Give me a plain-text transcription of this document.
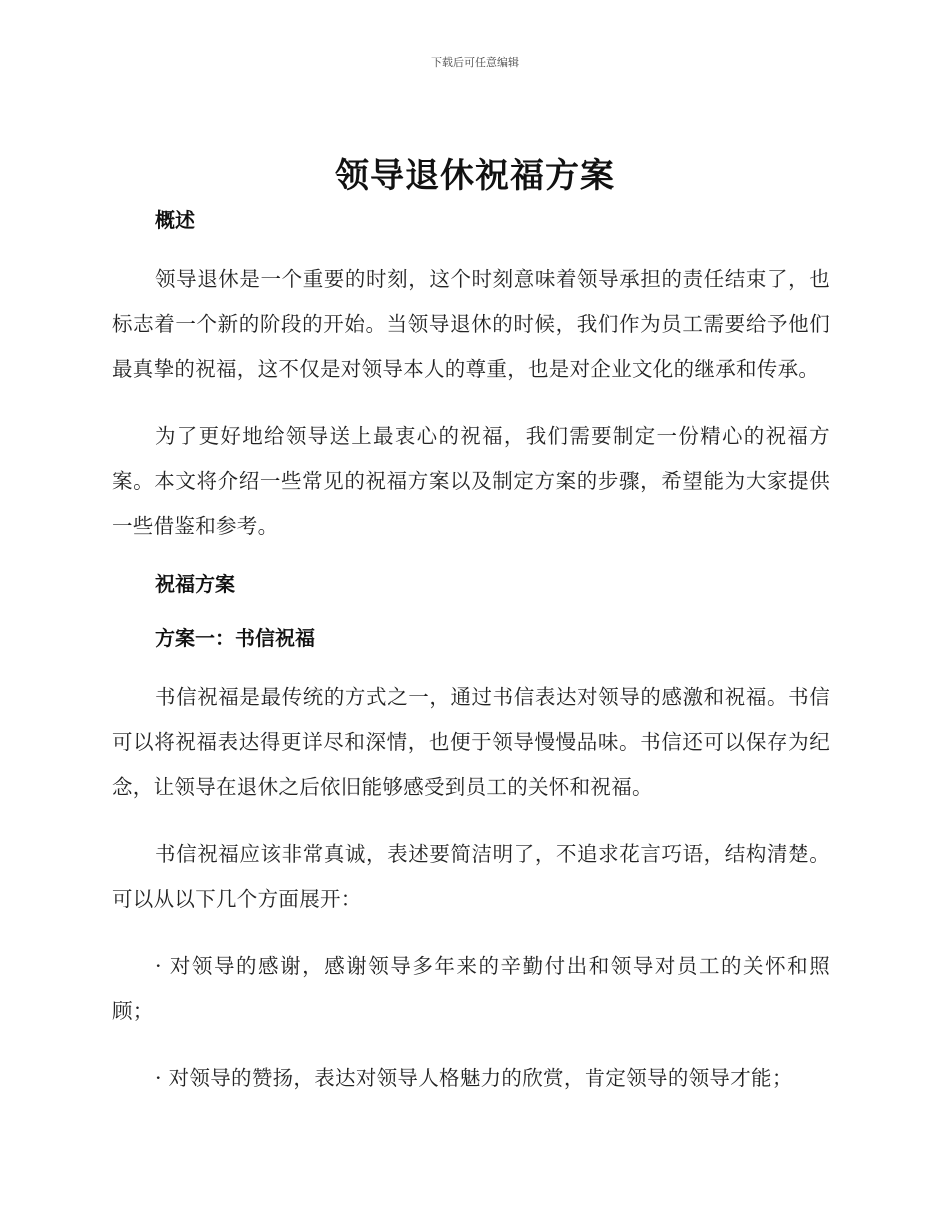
下载后可任意编辑
领导退休祝福方案

概述

领导退休是一个重要的时刻，这个时刻意味着领导承担的责任结束了，也标志着一个新的阶段的开始。当领导退休的时候，我们作为员工需要给予他们最真挚的祝福，这不仅是对领导本人的尊重，也是对企业文化的继承和传承。

为了更好地给领导送上最衷心的祝福，我们需要制定一份精心的祝福方案。本文将介绍一些常见的祝福方案以及制定方案的步骤，希望能为大家提供一些借鉴和参考。

祝福方案

方案一：书信祝福

书信祝福是最传统的方式之一，通过书信表达对领导的感激和祝福。书信可以将祝福表达得更详尽和深情，也便于领导慢慢品味。书信还可以保存为纪念，让领导在退休之后依旧能够感受到员工的关怀和祝福。

书信祝福应该非常真诚，表述要简洁明了，不追求花言巧语，结构清楚。可以从以下几个方面展开：

· 对领导的感谢，感谢领导多年来的辛勤付出和领导对员工的关怀和照顾；

· 对领导的赞扬，表达对领导人格魅力的欣赏，肯定领导的领导才能；
